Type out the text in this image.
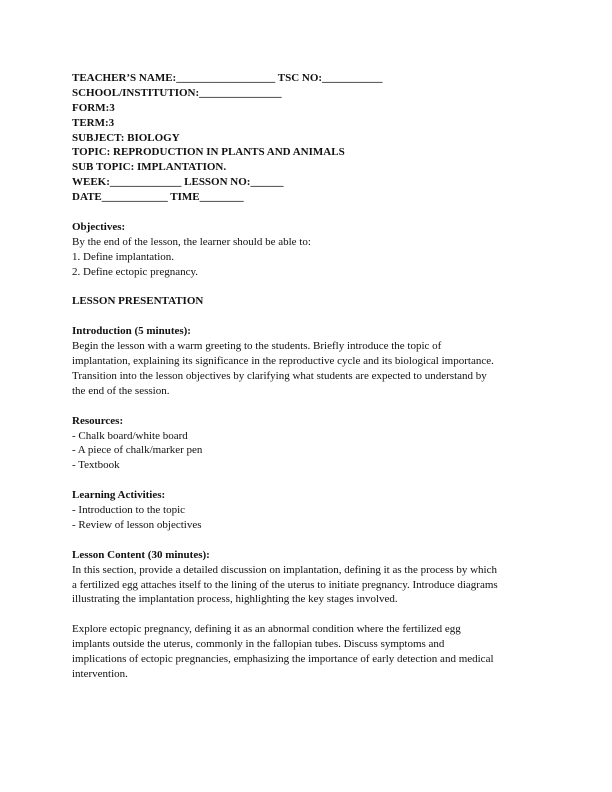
TEACHER’S NAME:__________________ TSC NO:___________
SCHOOL/INSTITUTION:_______________
FORM:3
TERM:3
SUBJECT: BIOLOGY
TOPIC: REPRODUCTION IN PLANTS AND ANIMALS
SUB TOPIC: IMPLANTATION.
WEEK:_____________ LESSON NO:______
DATE____________ TIME________
Objectives:
By the end of the lesson, the learner should be able to:
1. Define implantation.
2. Define ectopic pregnancy.
LESSON PRESENTATION
Introduction (5 minutes):
Begin the lesson with a warm greeting to the students. Briefly introduce the topic of
implantation, explaining its significance in the reproductive cycle and its biological importance.
Transition into the lesson objectives by clarifying what students are expected to understand by
the end of the session.
Resources:
- Chalk board/white board
- A piece of chalk/marker pen
- Textbook
Learning Activities:
- Introduction to the topic
- Review of lesson objectives
Lesson Content (30 minutes):
In this section, provide a detailed discussion on implantation, defining it as the process by which
a fertilized egg attaches itself to the lining of the uterus to initiate pregnancy. Introduce diagrams
illustrating the implantation process, highlighting the key stages involved.
Explore ectopic pregnancy, defining it as an abnormal condition where the fertilized egg
implants outside the uterus, commonly in the fallopian tubes. Discuss symptoms and
implications of ectopic pregnancies, emphasizing the importance of early detection and medical
intervention.
